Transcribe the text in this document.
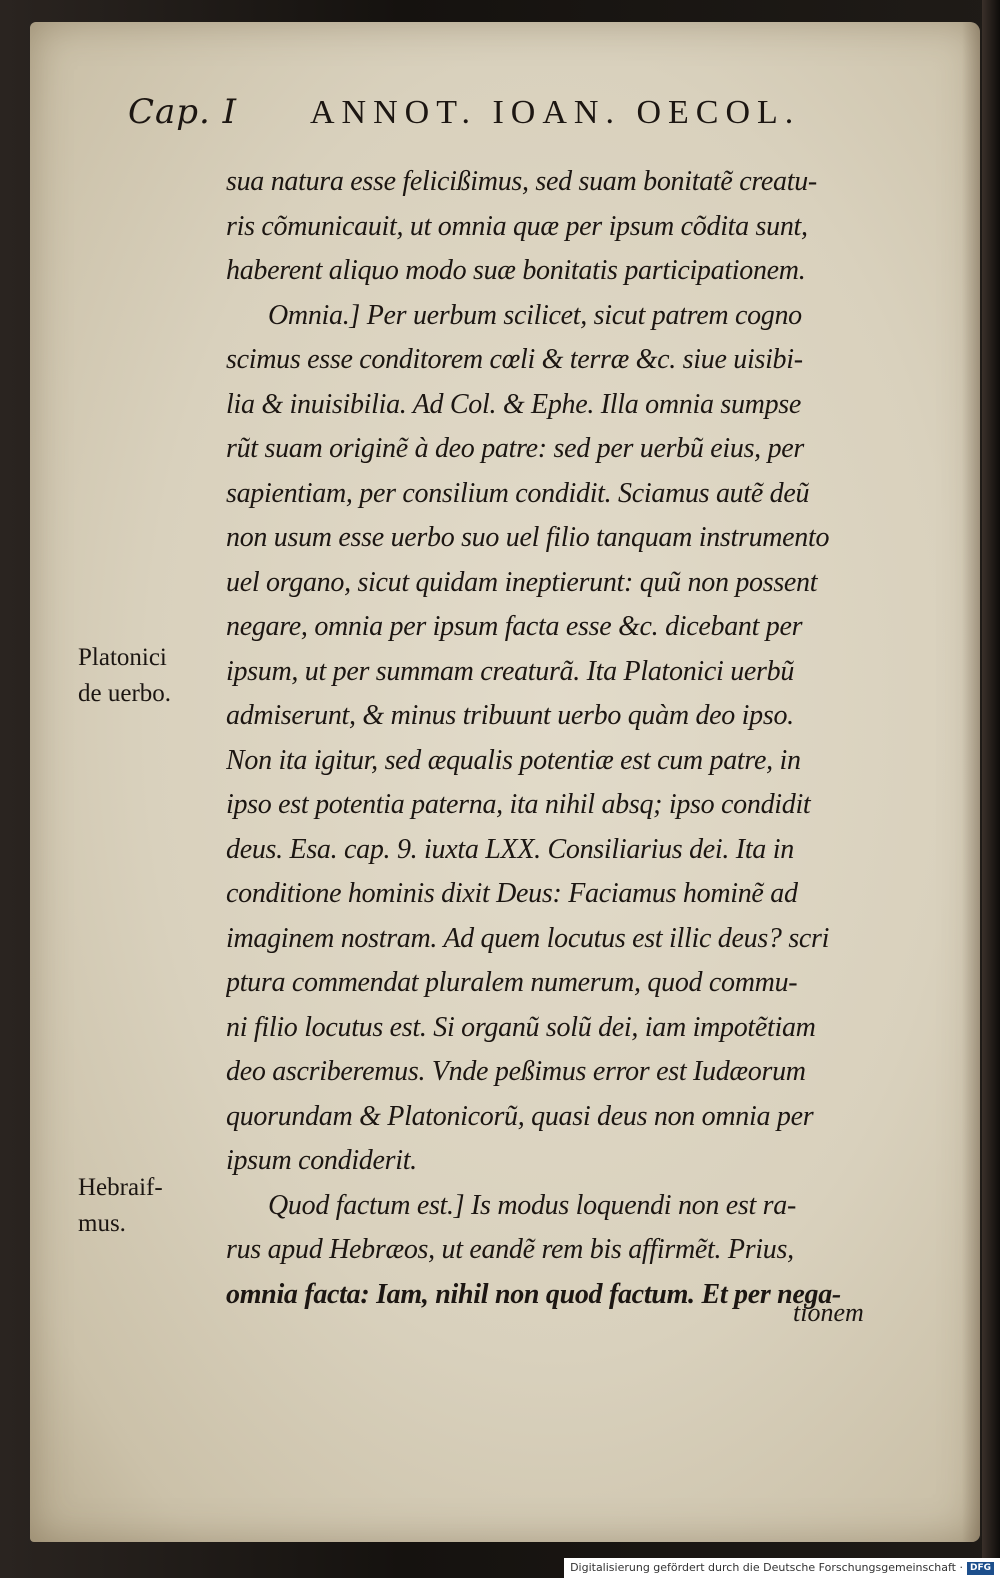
Cap. I ANNOT. IOAN. OECOL.
sua natura esse felicißimus, sed suam bonitatẽ creatu-
ris cõmunicauit, ut omnia quæ per ipsum cõdita sunt,
haberent aliquo modo suæ bonitatis participationem.
Omnia.] Per uerbum scilicet, sicut patrem cogno
scimus esse conditorem cœli & terræ &c. siue uisibi-
lia & inuisibilia. Ad Col. & Ephe. Illa omnia sumpse
rũt suam originẽ à deo patre: sed per uerbũ eius, per
sapientiam, per consilium condidit. Sciamus autẽ deũ
non usum esse uerbo suo uel filio tanquam instrumento
uel organo, sicut quidam ineptierunt: quũ non possent
negare, omnia per ipsum facta esse &c. dicebant per
ipsum, ut per summam creaturã. Ita Platonici uerbũ
admiserunt, & minus tribuunt uerbo quàm deo ipso.
Non ita igitur, sed æqualis potentiæ est cum patre, in
ipso est potentia paterna, ita nihil absq; ipso condidit
deus. Esa. cap. 9. iuxta LXX. Consiliarius dei. Ita in
conditione hominis dixit Deus: Faciamus hominẽ ad
imaginem nostram. Ad quem locutus est illic deus? scri
ptura commendat pluralem numerum, quod commu-
ni filio locutus est. Si organũ solũ dei, iam impotẽtiam
deo ascriberemus. Vnde peßimus error est Iudæorum
quorundam & Platonicorũ, quasi deus non omnia per
ipsum condiderit.
Quod factum est.] Is modus loquendi non est ra-
rus apud Hebræos, ut eandẽ rem bis affirmẽt. Prius,
omnia facta: Iam, nihil non quod factum. Et per nega-
Platonici
de uerbo.
Hebraif-
mus.
tionem
Digitalisierung gefördert durch die Deutsche Forschungsgemeinschaft · DFG
